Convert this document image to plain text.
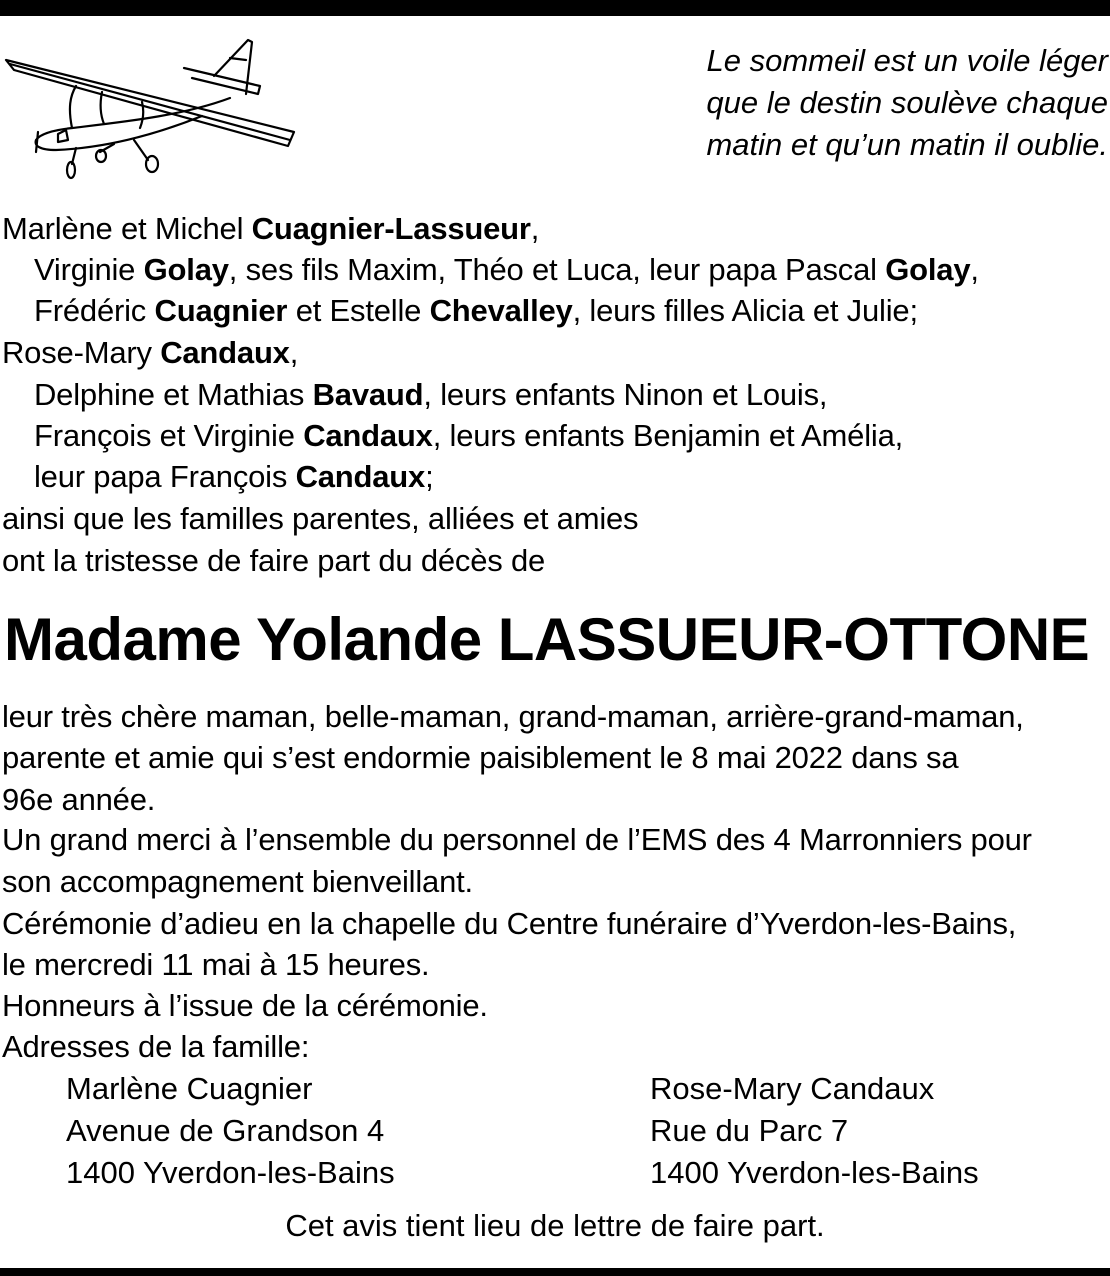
Le sommeil est un voile léger
que le destin soulève chaque
matin et qu’un matin il oublie.
Marlène et Michel Cuagnier-Lassueur,
Virginie Golay, ses fils Maxim, Théo et Luca, leur papa Pascal Golay,
Frédéric Cuagnier et Estelle Chevalley, leurs filles Alicia et Julie;
Rose-Mary Candaux,
Delphine et Mathias Bavaud, leurs enfants Ninon et Louis,
François et Virginie Candaux, leurs enfants Benjamin et Amélia,
leur papa François Candaux;
ainsi que les familles parentes, alliées et amies
ont la tristesse de faire part du décès de
Madame Yolande LASSUEUR-OTTONE
leur très chère maman, belle-maman, grand-maman, arrière-grand-maman,
parente et amie qui s’est endormie paisiblement le 8 mai 2022 dans sa
96e année.
Un grand merci à l’ensemble du personnel de l’EMS des 4 Marronniers pour
son accompagnement bienveillant.
Cérémonie d’adieu en la chapelle du Centre funéraire d’Yverdon-les-Bains,
le mercredi 11 mai à 15 heures.
Honneurs à l’issue de la cérémonie.
Adresses de la famille:
Marlène Cuagnier
Avenue de Grandson 4
1400 Yverdon-les-Bains
Rose-Mary Candaux
Rue du Parc 7
1400 Yverdon-les-Bains
Cet avis tient lieu de lettre de faire part.
